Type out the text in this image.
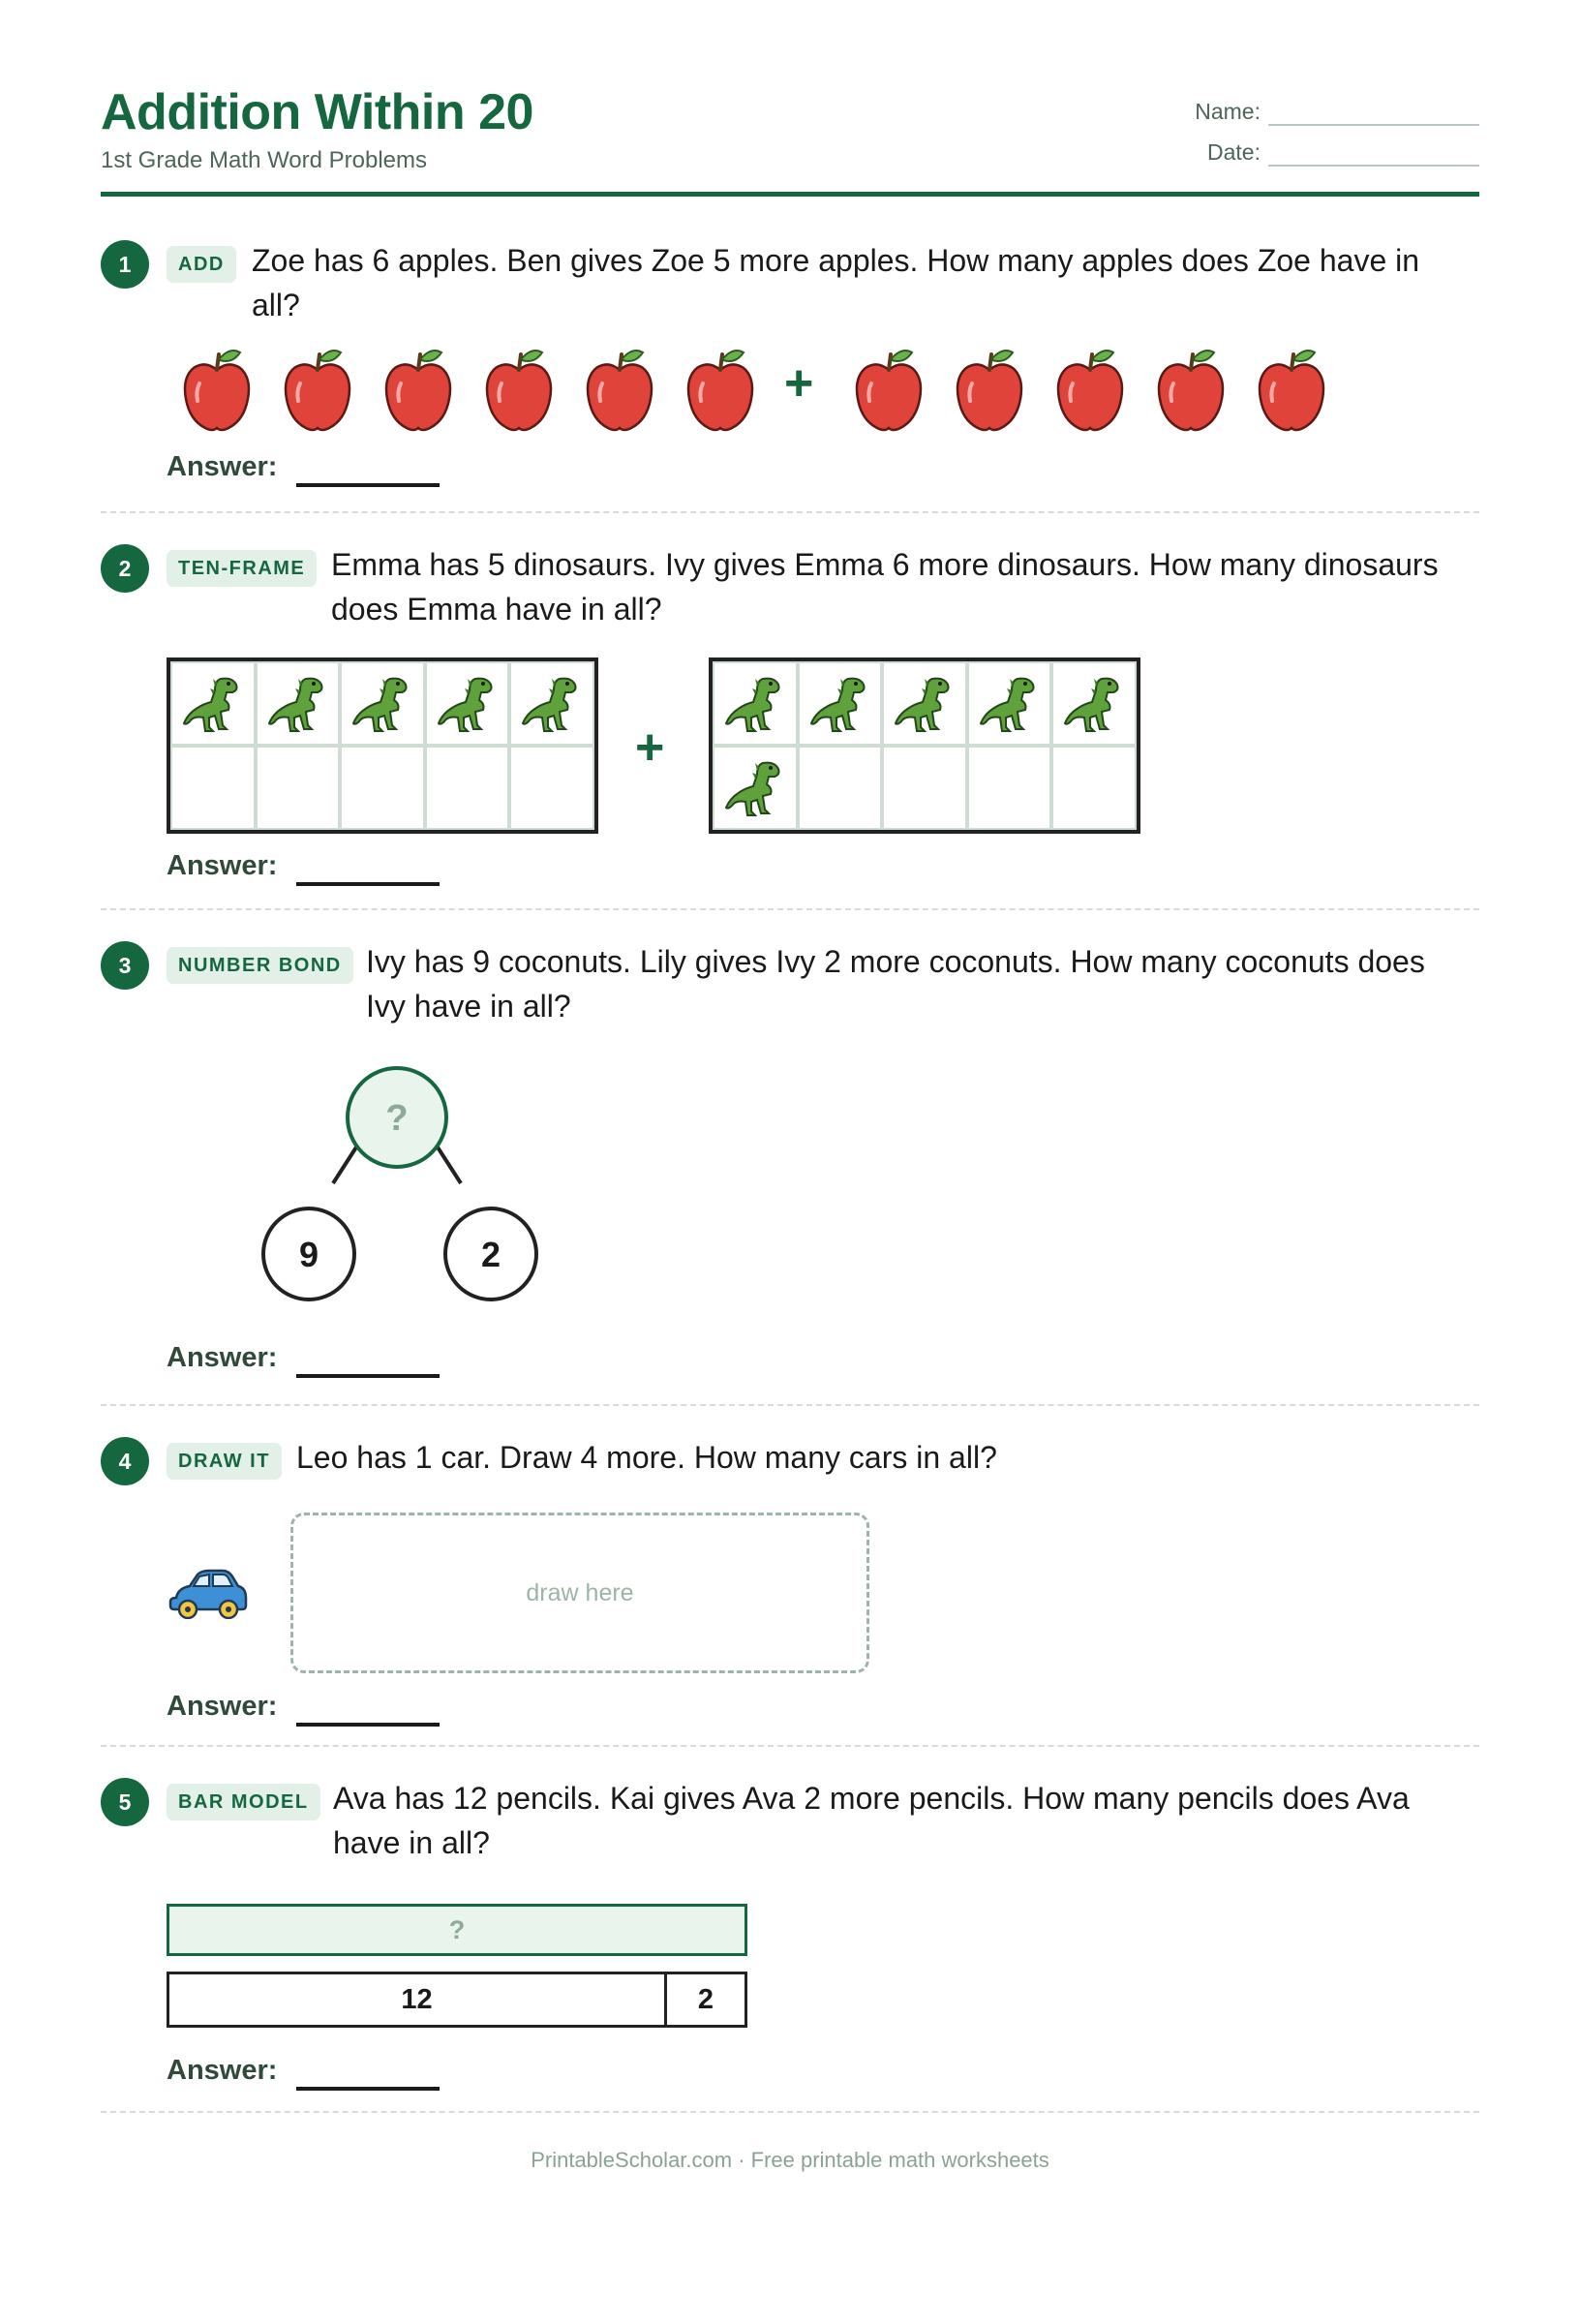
Addition Within 20
1st Grade Math Word Problems
Name:
Date:
1	ADD Zoe has 6 apples. Ben gives Zoe 5 more apples. How many apples does Zoe have in all?
+
Answer:
2	TEN-FRAME Emma has 5 dinosaurs. Ivy gives Emma 6 more dinosaurs. How many dinosaurs does Emma have in all?
+
Answer:
3	NUMBER BOND Ivy has 9 coconuts. Lily gives Ivy 2 more coconuts. How many coconuts does Ivy have in all?
?
9	2
Answer:
4	DRAW IT Leo has 1 car. Draw 4 more. How many cars in all?
draw here
Answer:
5	BAR MODEL Ava has 12 pencils. Kai gives Ava 2 more pencils. How many pencils does Ava have in all?
?
12	2
Answer:
PrintableScholar.com · Free printable math worksheets
